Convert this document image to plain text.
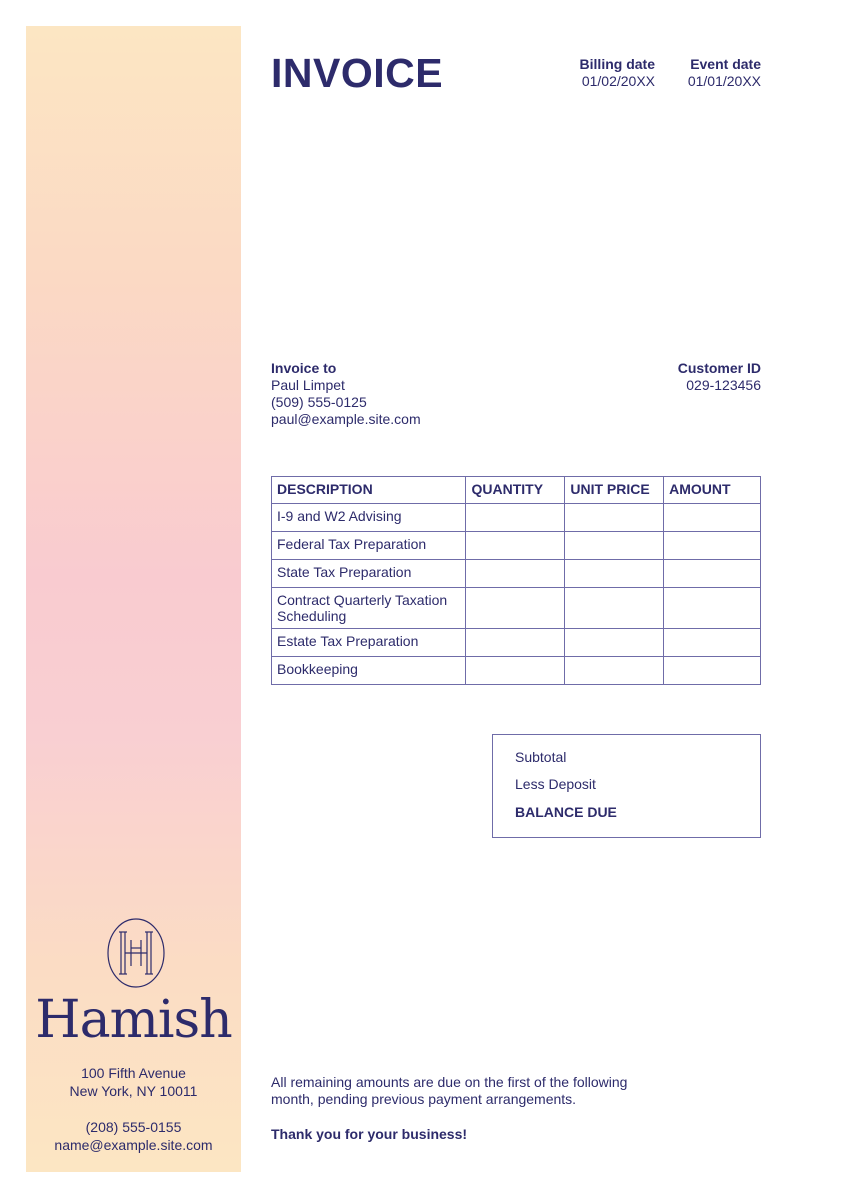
Hamish
100 Fifth Avenue
New York, NY 10011
(208) 555-0155
name@example.site.com
INVOICE	Billing date
01/02/20XX
Event date
01/01/20XX
Invoice to
Paul Limpet
(509) 555-0125
paul@example.site.com
Customer ID
029-123456
DESCRIPTION	QUANTITY	UNIT PRICE	AMOUNT
I-9 and W2 Advising			
Federal Tax Preparation			
State Tax Preparation			
Contract Quarterly Taxation Scheduling			
Estate Tax Preparation			
Bookkeeping			
Subtotal
Less Deposit
BALANCE DUE
All remaining amounts are due on the first of the following month, pending previous payment arrangements.
Thank you for your business!
